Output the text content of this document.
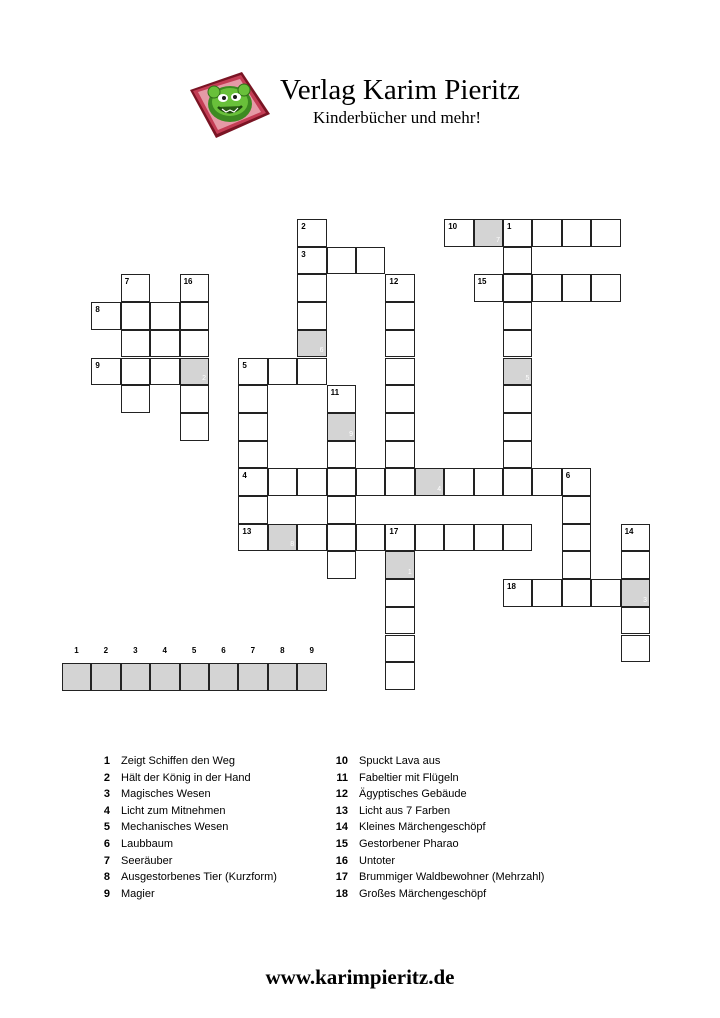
Verlag Karim Pieritz
Kinderbücher und mehr!
2	10
7
1
3
7	16	12	15
8
6
9
2
5
5
11
9
4
4
6
13
8
17	14
1
18
3
1	2	3	4	5	6	7	8	9
1 Zeigt Schiffen den Weg
2 Hält der König in der Hand
3 Magisches Wesen
4 Licht zum Mitnehmen
5 Mechanisches Wesen
6 Laubbaum
7 Seeräuber
8 Ausgestorbenes Tier (Kurzform)
9 Magier
10 Spuckt Lava aus
11 Fabeltier mit Flügeln
12 Ägyptisches Gebäude
13 Licht aus 7 Farben
14 Kleines Märchengeschöpf
15 Gestorbener Pharao
16 Untoter
17 Brummiger Waldbewohner (Mehrzahl)
18 Großes Märchengeschöpf
www.karimpieritz.de
